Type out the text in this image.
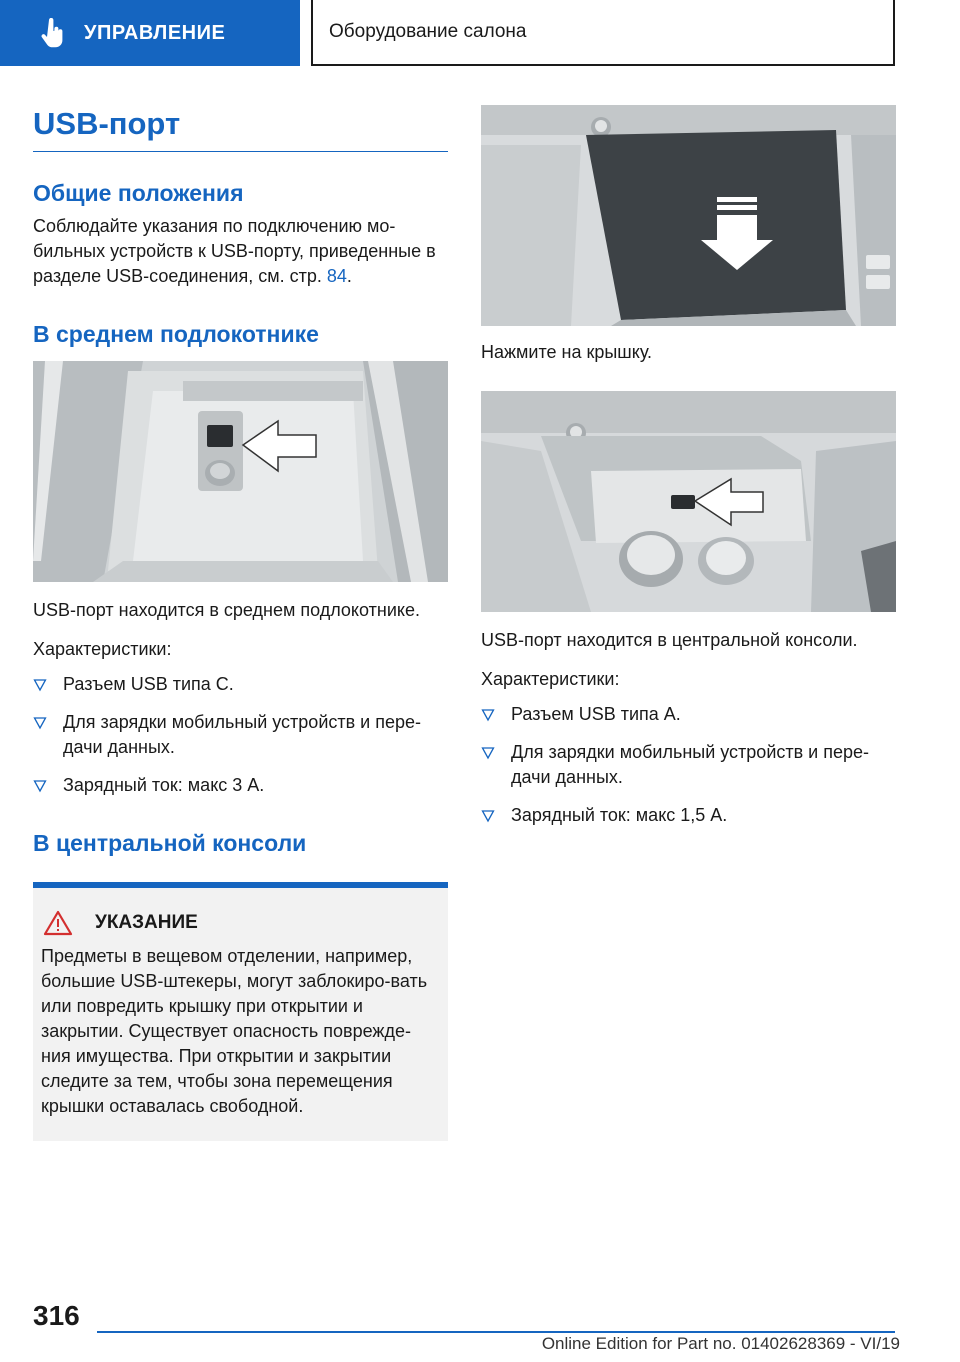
УПРАВЛЕНИЕ	Оборудование салона
USB-порт
Общие положения

Соблюдайте указания по подключению мо-бильных устройств к USB-порту, приведенные в разделе USB-соединения, см. стр. 84.

В среднем подлокотнике

USB-порт находится в среднем подлокотнике.

Характеристики:

Разъем USB типа C.
Для зарядки мобильный устройств и пере-дачи данных.
Зарядный ток: макс 3 A.
В центральной консоли
УКАЗАНИЕ

Предметы в вещевом отделении, например, большие USB-штекеры, могут заблокиро-вать или повредить крышку при открытии и закрытии. Существует опасность поврежде-ния имущества. При открытии и закрытии следите за тем, чтобы зона перемещения крышки оставалась свободной.

Нажмите на крышку.

USB-порт находится в центральной консоли.

Характеристики:

Разъем USB типа A.
Для зарядки мобильный устройств и пере-дачи данных.
Зарядный ток: макс 1,5 A.
316
Online Edition for Part no. 01402628369 - VI/19
